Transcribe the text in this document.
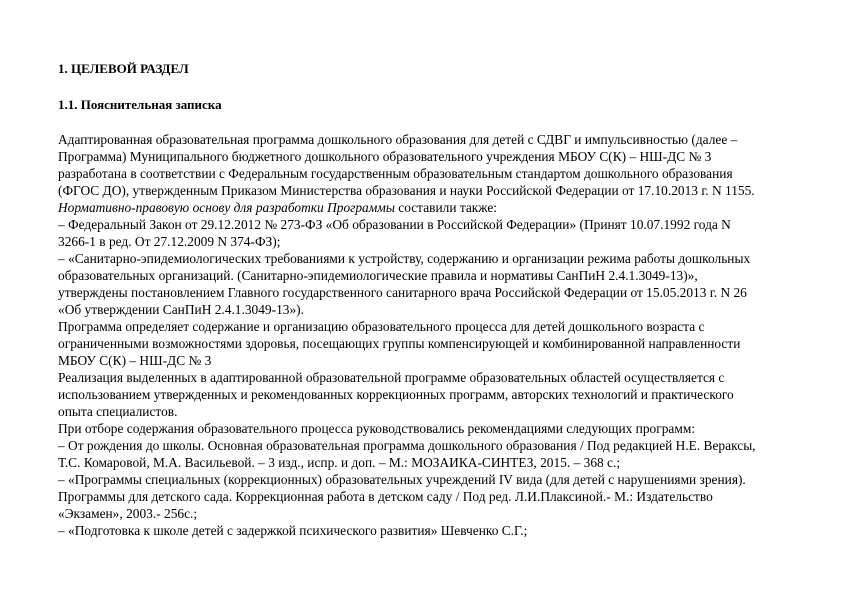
1. ЦЕЛЕВОЙ РАЗДЕЛ
1.1. Пояснительная записка
Адаптированная образовательная программа дошкольного образования для детей с СДВГ и импульсивностью (далее –
Программа) Муниципального бюджетного дошкольного образовательного учреждения МБОУ С(К) – НШ-ДС № 3
разработана в соответствии с Федеральным государственным образовательным стандартом дошкольного образования
(ФГОС ДО), утвержденным Приказом Министерства образования и науки Российской Федерации от 17.10.2013 г. N 1155.
Нормативно-правовую основу для разработки Программы составили также:
– Федеральный Закон от 29.12.2012 № 273-ФЗ «Об образовании в Российской Федерации» (Принят 10.07.1992 года N
3266-1 в ред. От 27.12.2009 N 374-ФЗ);
– «Санитарно-эпидемиологических требованиями к устройству, содержанию и организации режима работы дошкольных
образовательных организаций. (Санитарно-эпидемиологические правила и нормативы СанПиН 2.4.1.3049-13)»,
утверждены постановлением Главного государственного санитарного врача Российской Федерации от 15.05.2013 г. N 26
«Об утверждении СанПиН 2.4.1.3049-13»).
Программа определяет содержание и организацию образовательного процесса для детей дошкольного возраста с
ограниченными возможностями здоровья, посещающих группы компенсирующей и комбинированной направленности
МБОУ С(К) – НШ-ДС № 3
Реализация выделенных в адаптированной образовательной программе образовательных областей осуществляется с
использованием утвержденных и рекомендованных коррекционных программ, авторских технологий и практического
опыта специалистов.
При отборе содержания образовательного процесса руководствовались рекомендациями следующих программ:
– От рождения до школы. Основная образовательная программа дошкольного образования / Под редакцией Н.Е. Вераксы,
Т.С. Комаровой, М.А. Васильевой. – 3 изд., испр. и доп. – М.: МОЗАИКА-СИНТЕЗ, 2015. – 368 с.;
– «Программы специальных (коррекционных) образовательных учреждений IV вида (для детей с нарушениями зрения).
Программы для детского сада. Коррекционная работа в детском саду / Под ред. Л.И.Плаксиной.- М.: Издательство
«Экзамен», 2003.- 256с.;
– «Подготовка к школе детей с задержкой психического развития» Шевченко С.Г.;
